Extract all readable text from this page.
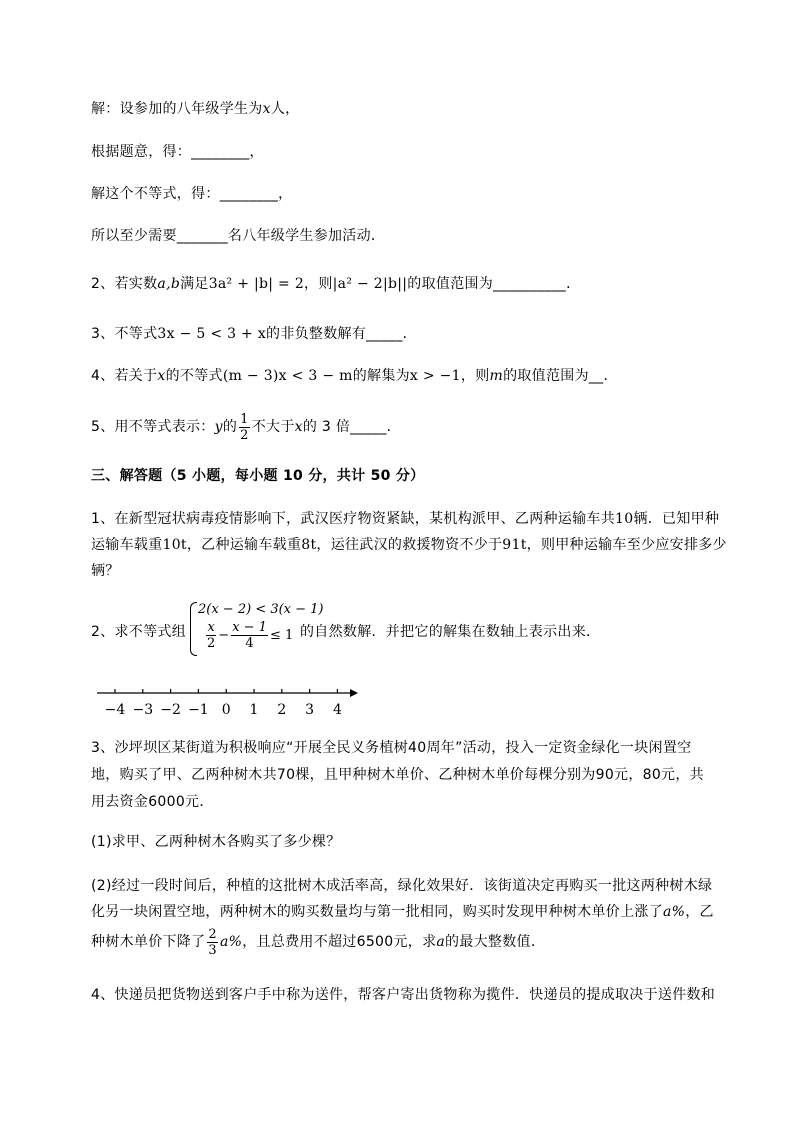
解：设参加的八年级学生为x人，
根据题意，得：________，
解这个不等式，得：________，
所以至少需要_______名八年级学生参加活动．
2、若实数a,b满足3a² + |b| = 2，则|a² − 2|b||的取值范围为__________．
3、不等式3x − 5 < 3 + x的非负整数解有_____．
4、若关于x的不等式(m − 3)x < 3 − m的解集为x > −1，则m的取值范围为__．
5、用不等式表示：y的 $\frac{1}{2}$ 不大于x的 3 倍_____．
三、解答题（5 小题，每小题 10 分，共计 50 分）
1、在新型冠状病毒疫情影响下，武汉医疗物资紧缺，某机构派甲、乙两种运输车共10辆．已知甲种
运输车载重10t，乙种运输车载重8t，运往武汉的救援物资不少于91t，则甲种运输车至少应安排多少
辆？
2、求不等式组
2(x − 2) < 3(x − 1)
$\frac{x}{2} - \frac{x - 1}{4} \le 1$ 的自然数解．并把它的解集在数轴上表示出来．
−4 −3 −2 −1 0 1 2 3 4
3、沙坪坝区某街道为积极响应“开展全民义务植树40周年”活动，投入一定资金绿化一块闲置空
地，购买了甲、乙两种树木共70棵，且甲种树木单价、乙种树木单价每棵分别为90元，80元，共
用去资金6000元．
(1)求甲、乙两种树木各购买了多少棵？
(2)经过一段时间后，种植的这批树木成活率高，绿化效果好．该街道决定再购买一批这两种树木绿
化另一块闲置空地，两种树木的购买数量均与第一批相同，购买时发现甲种树木单价上涨了a%，乙
种树木单价下降了 $\frac{2}{3} a\%$，且总费用不超过6500元，求a的最大整数值．
4、快递员把货物送到客户手中称为送件，帮客户寄出货物称为揽件．快递员的提成取决于送件数和
